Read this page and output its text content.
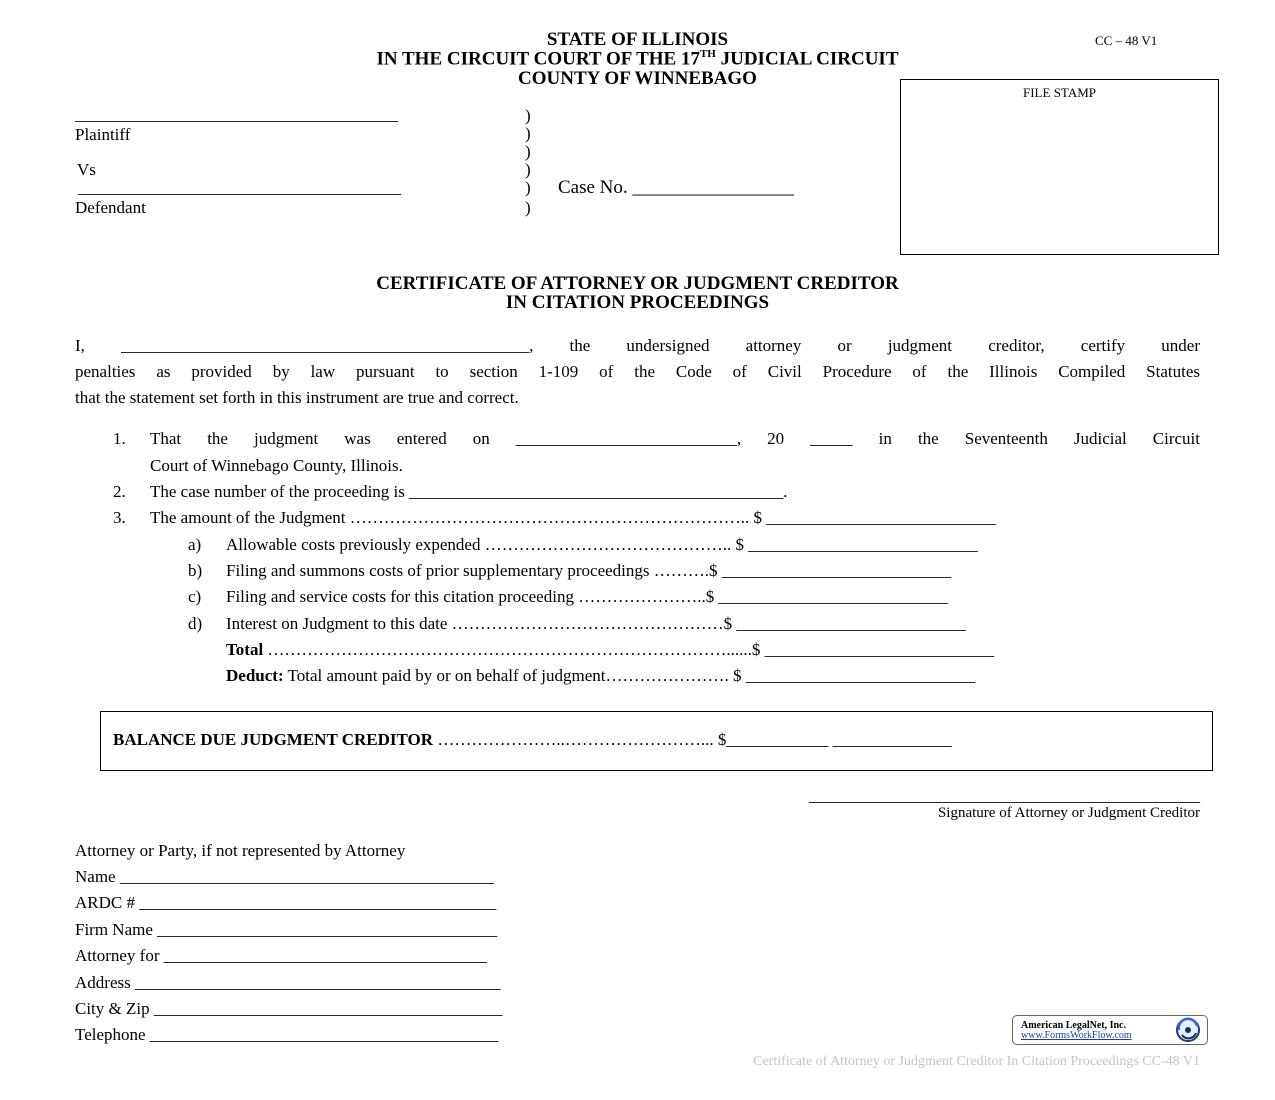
STATE OF ILLINOIS
IN THE CIRCUIT COURT OF THE 17TH JUDICIAL CIRCUIT
COUNTY OF WINNEBAGO
CC – 48 V1
FILE STAMP
______________________________________
Plaintiff
Vs
______________________________________
Defendant
)
)
)
)
)
)
Case No. _________________
CERTIFICATE OF ATTORNEY OR JUDGMENT CREDITOR
IN CITATION PROCEEDINGS
I, ________________________________________________, the undersigned attorney or judgment creditor, certify under
penalties as provided by law pursuant to section 1-109 of the Code of Civil Procedure of the Illinois Compiled Statutes
that the statement set forth in this instrument are true and correct.
1. That the judgment was entered on __________________________, 20 _____ in the Seventeenth Judicial Circuit
Court of Winnebago County, Illinois.
2. The case number of the proceeding is ____________________________________________.
3. The amount of the Judgment …………………………………………………………….. $ ___________________________
a) Allowable costs previously expended …………………………………….. $ ___________________________
b) Filing and summons costs of prior supplementary proceedings ……….$ ___________________________
c) Filing and service costs for this citation proceeding …………………..$ ___________________________
d) Interest on Judgment to this date …………………………………………$ ___________________________
Total ………………………………………………………………………......$ ___________________________
Deduct: Total amount paid by or on behalf of judgment…………………. $ ___________________________
BALANCE DUE JUDGMENT CREDITOR …………………..……………………... $____________ ______________
______________________________________________
Signature of Attorney or Judgment Creditor
Attorney or Party, if not represented by Attorney
Name ____________________________________________
ARDC # __________________________________________
Firm Name ________________________________________
Attorney for ______________________________________
Address ___________________________________________
City & Zip _________________________________________
Telephone _________________________________________	American LegalNet, Inc.
www.FormsWorkFlow.com
Certificate of Attorney or Judgment Creditor In Citation Proceedings CC-48 V1
